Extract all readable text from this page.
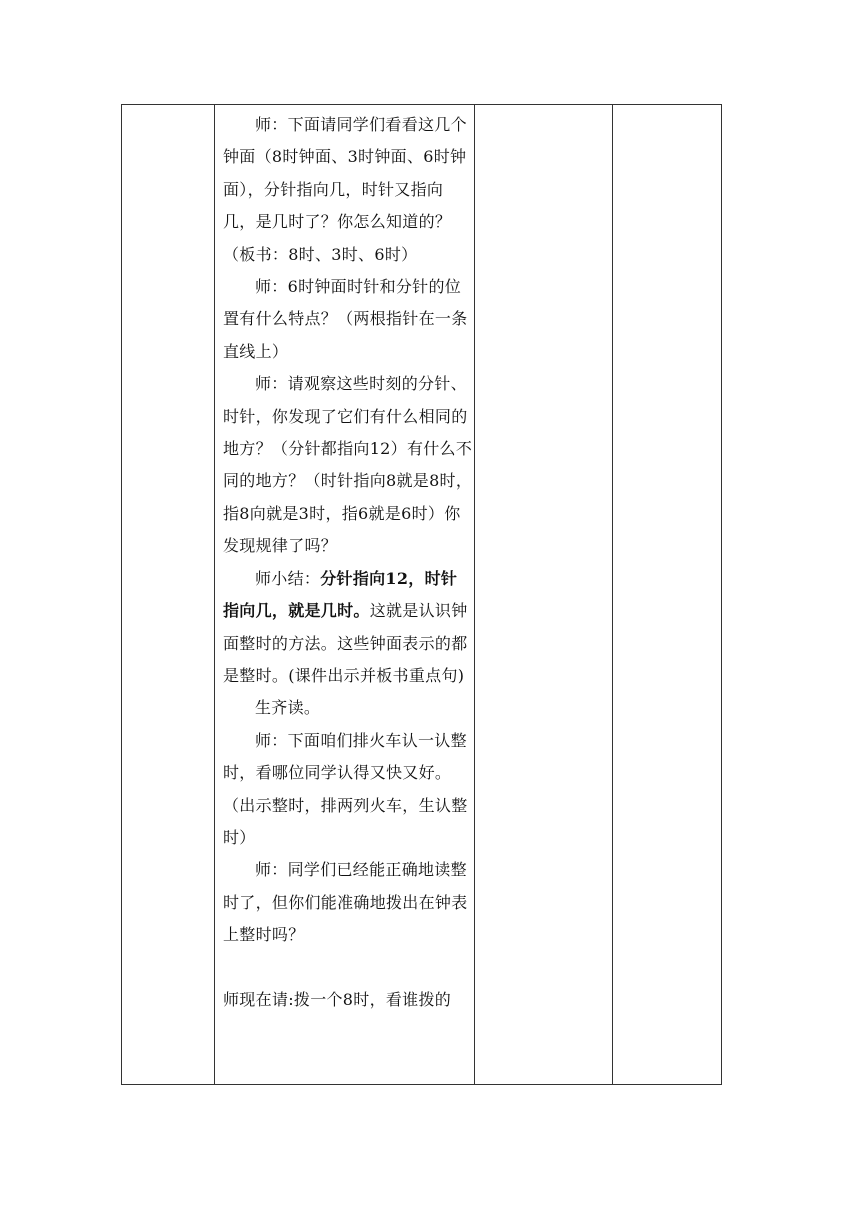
师：下面请同学们看看这几个钟面（8时钟面、3时钟面、6时钟面），分针指向几，时针又指向几，是几时了？你怎么知道的？（板书：8时、3时、6时）

师：6时钟面时针和分针的位置有什么特点？（两根指针在一条直线上）

师：请观察这些时刻的分针、时针，你发现了它们有什么相同的地方？（分针都指向12）有什么不同的地方？（时针指向8就是8时，指8向就是3时，指6就是6时）你发现规律了吗？

师小结：分针指向12，时针指向几，就是几时。这就是认识钟面整时的方法。这些钟面表示的都是整时。(课件出示并板书重点句)

生齐读。

师：下面咱们排火车认一认整时，看哪位同学认得又快又好。（出示整时，排两列火车，生认整时）

师：同学们已经能正确地读整时了，但你们能准确地拨出在钟表上整时吗？

师现在请:拨一个8时，看谁拨的
